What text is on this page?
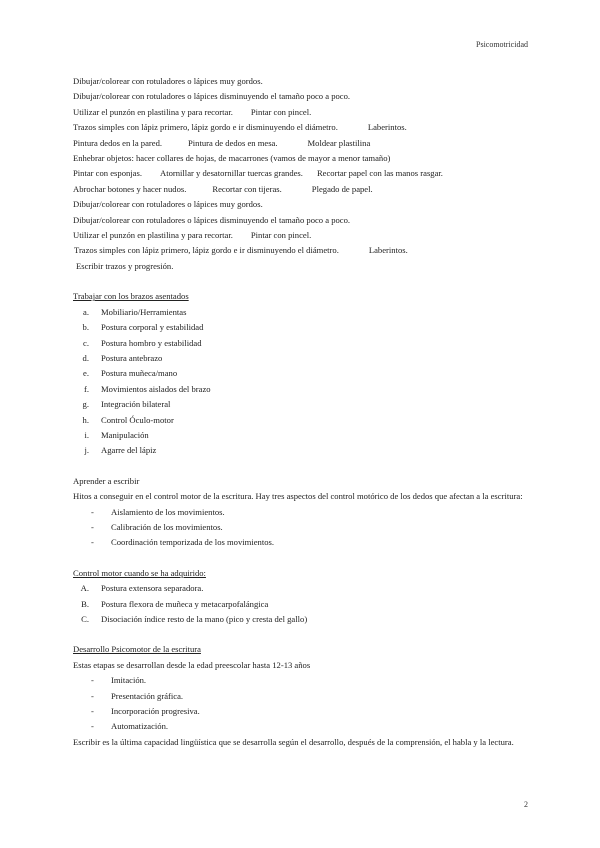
Psicomotricidad
Dibujar/colorear con rotuladores o lápices muy gordos.
Dibujar/colorear con rotuladores o lápices disminuyendo el tamaño poco a poco.
Utilizar el punzón en plastilina y para recortar. Pintar con pincel.
Trazos simples con lápiz primero, lápiz gordo e ir disminuyendo el diámetro.	Laberintos.
Pintura dedos en la pared.	Pintura de dedos en mesa.	Moldear plastilina
Enhebrar objetos: hacer collares de hojas, de macarrones (vamos de mayor a menor tamaño)
Pintar con esponjas. Atornillar y desatornillar tuercas grandes. Recortar papel con las manos rasgar.
Abrochar botones y hacer nudos.	Recortar con tijeras.	Plegado de papel.
Dibujar/colorear con rotuladores o lápices muy gordos.
Dibujar/colorear con rotuladores o lápices disminuyendo el tamaño poco a poco.
Utilizar el punzón en plastilina y para recortar. Pintar con pincel.
Trazos simples con lápiz primero, lápiz gordo e ir disminuyendo el diámetro.	Laberintos.
Escribir trazos y progresión.
Trabajar con los brazos asentados
a.	Mobiliario/Herramientas
b.	Postura corporal y estabilidad
c.	Postura hombro y estabilidad
d.	Postura antebrazo
e.	Postura muñeca/mano
f.	Movimientos aislados del brazo
g.	Integración bilateral
h.	Control Óculo-motor
i.	Manipulación
j.	Agarre del lápiz
Aprender a escribir
Hitos a conseguir en el control motor de la escritura. Hay tres aspectos del control motórico de los dedos que afectan a la escritura:
-	Aislamiento de los movimientos.
-	Calibración de los movimientos.
-	Coordinación temporizada de los movimientos.
Control motor cuando se ha adquirido:
A.	Postura extensora separadora.
B.	Postura flexora de muñeca y metacarpofalángica
C.	Disociación índice resto de la mano (pico y cresta del gallo)
Desarrollo Psicomotor de la escritura
Estas etapas se desarrollan desde la edad preescolar hasta 12-13 años
-	Imitación.
-	Presentación gráfica.
-	Incorporación progresiva.
-	Automatización.
Escribir es la última capacidad lingüística que se desarrolla según el desarrollo, después de la comprensión, el habla y la lectura.
2
